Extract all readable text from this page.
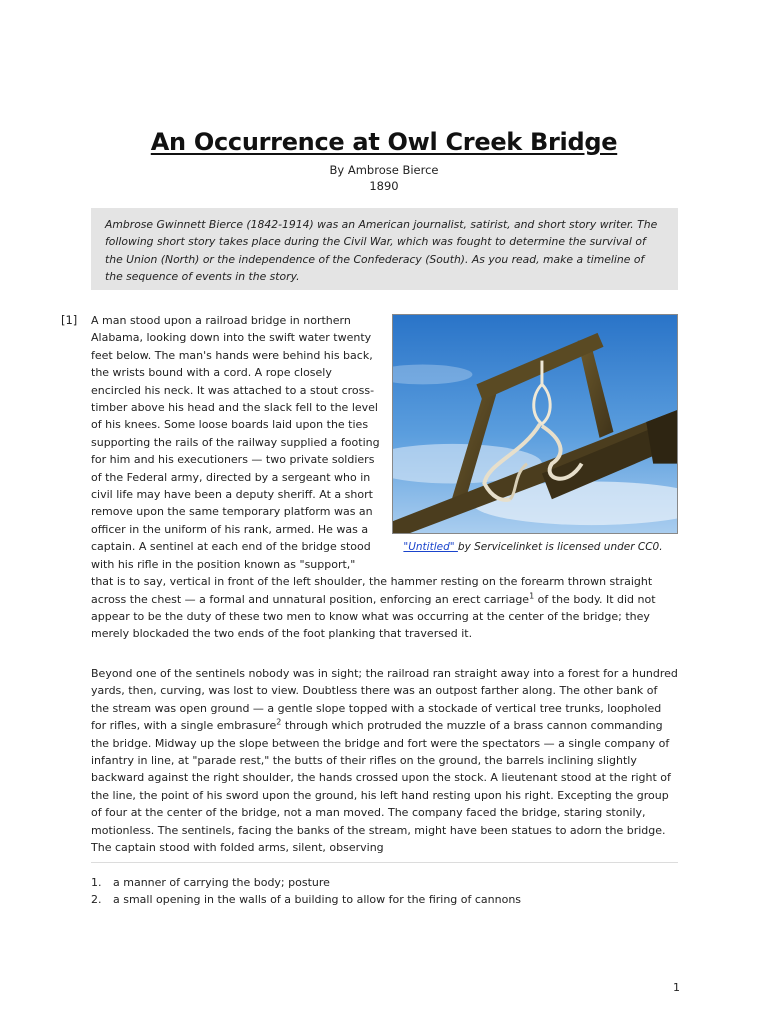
An Occurrence at Owl Creek Bridge
By Ambrose Bierce
1890
Ambrose Gwinnett Bierce (1842-1914) was an American journalist, satirist, and short story writer. The following short story takes place during the Civil War, which was fought to determine the survival of the Union (North) or the independence of the Confederacy (South). As you read, make a timeline of the sequence of events in the story.
[1]

"Untitled" by Servicelinket is licensed under CC0.
A man stood upon a railroad bridge in northern Alabama, looking down into the swift water twenty feet below. The man's hands were behind his back, the wrists bound with a cord. A rope closely encircled his neck. It was attached to a stout cross-timber above his head and the slack fell to the level of his knees. Some loose boards laid upon the ties supporting the rails of the railway supplied a footing for him and his executioners — two private soldiers of the Federal army, directed by a sergeant who in civil life may have been a deputy sheriff. At a short remove upon the same temporary platform was an officer in the uniform of his rank, armed. He was a captain. A sentinel at each end of the bridge stood with his rifle in the position known as "support," that is to say, vertical in front of the left shoulder, the hammer resting on the forearm thrown straight across the chest — a formal and unnatural position, enforcing an erect carriage$^1$ of the body. It did not appear to be the duty of these two men to know what was occurring at the center of the bridge; they merely blockaded the two ends of the foot planking that traversed it.

Beyond one of the sentinels nobody was in sight; the railroad ran straight away into a forest for a hundred yards, then, curving, was lost to view. Doubtless there was an outpost farther along. The other bank of the stream was open ground — a gentle slope topped with a stockade of vertical tree trunks, loopholed for rifles, with a single embrasure$^2$ through which protruded the muzzle of a brass cannon commanding the bridge. Midway up the slope between the bridge and fort were the spectators — a single company of infantry in line, at "parade rest," the butts of their rifles on the ground, the barrels inclining slightly backward against the right shoulder, the hands crossed upon the stock. A lieutenant stood at the right of the line, the point of his sword upon the ground, his left hand resting upon his right. Excepting the group of four at the center of the bridge, not a man moved. The company faced the bridge, staring stonily, motionless. The sentinels, facing the banks of the stream, might have been statues to adorn the bridge. The captain stood with folded arms, silent, observing

1.	a manner of carrying the body; posture
2.	a small opening in the walls of a building to allow for the firing of cannons
1
